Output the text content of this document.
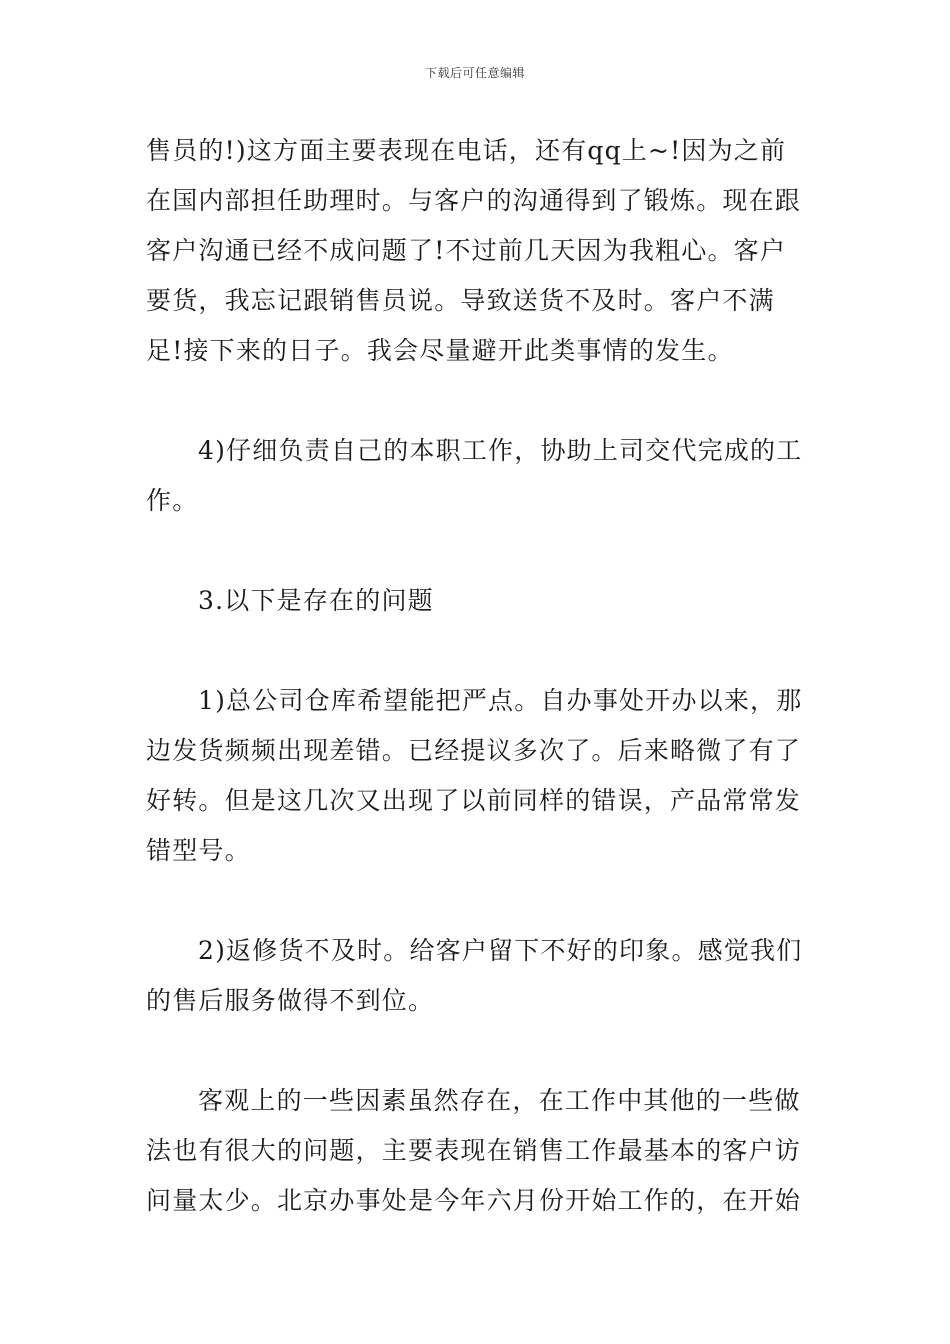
下载后可任意编辑

售员的!)这方面主要表现在电话，还有qq上~!因为之前在国内部担任助理时。与客户的沟通得到了锻炼。现在跟客户沟通已经不成问题了!不过前几天因为我粗心。客户要货，我忘记跟销售员说。导致送货不及时。客户不满足!接下来的日子。我会尽量避开此类事情的发生。

4)仔细负责自己的本职工作，协助上司交代完成的工作。

3.以下是存在的问题

1)总公司仓库希望能把严点。自办事处开办以来，那边发货频频出现差错。已经提议多次了。后来略微了有了好转。但是这几次又出现了以前同样的错误，产品常常发错型号。

2)返修货不及时。给客户留下不好的印象。感觉我们的售后服务做得不到位。

客观上的一些因素虽然存在，在工作中其他的一些做法也有很大的问题，主要表现在销售工作最基本的客户访问量太少。北京办事处是今年六月份开始工作的，在开始
